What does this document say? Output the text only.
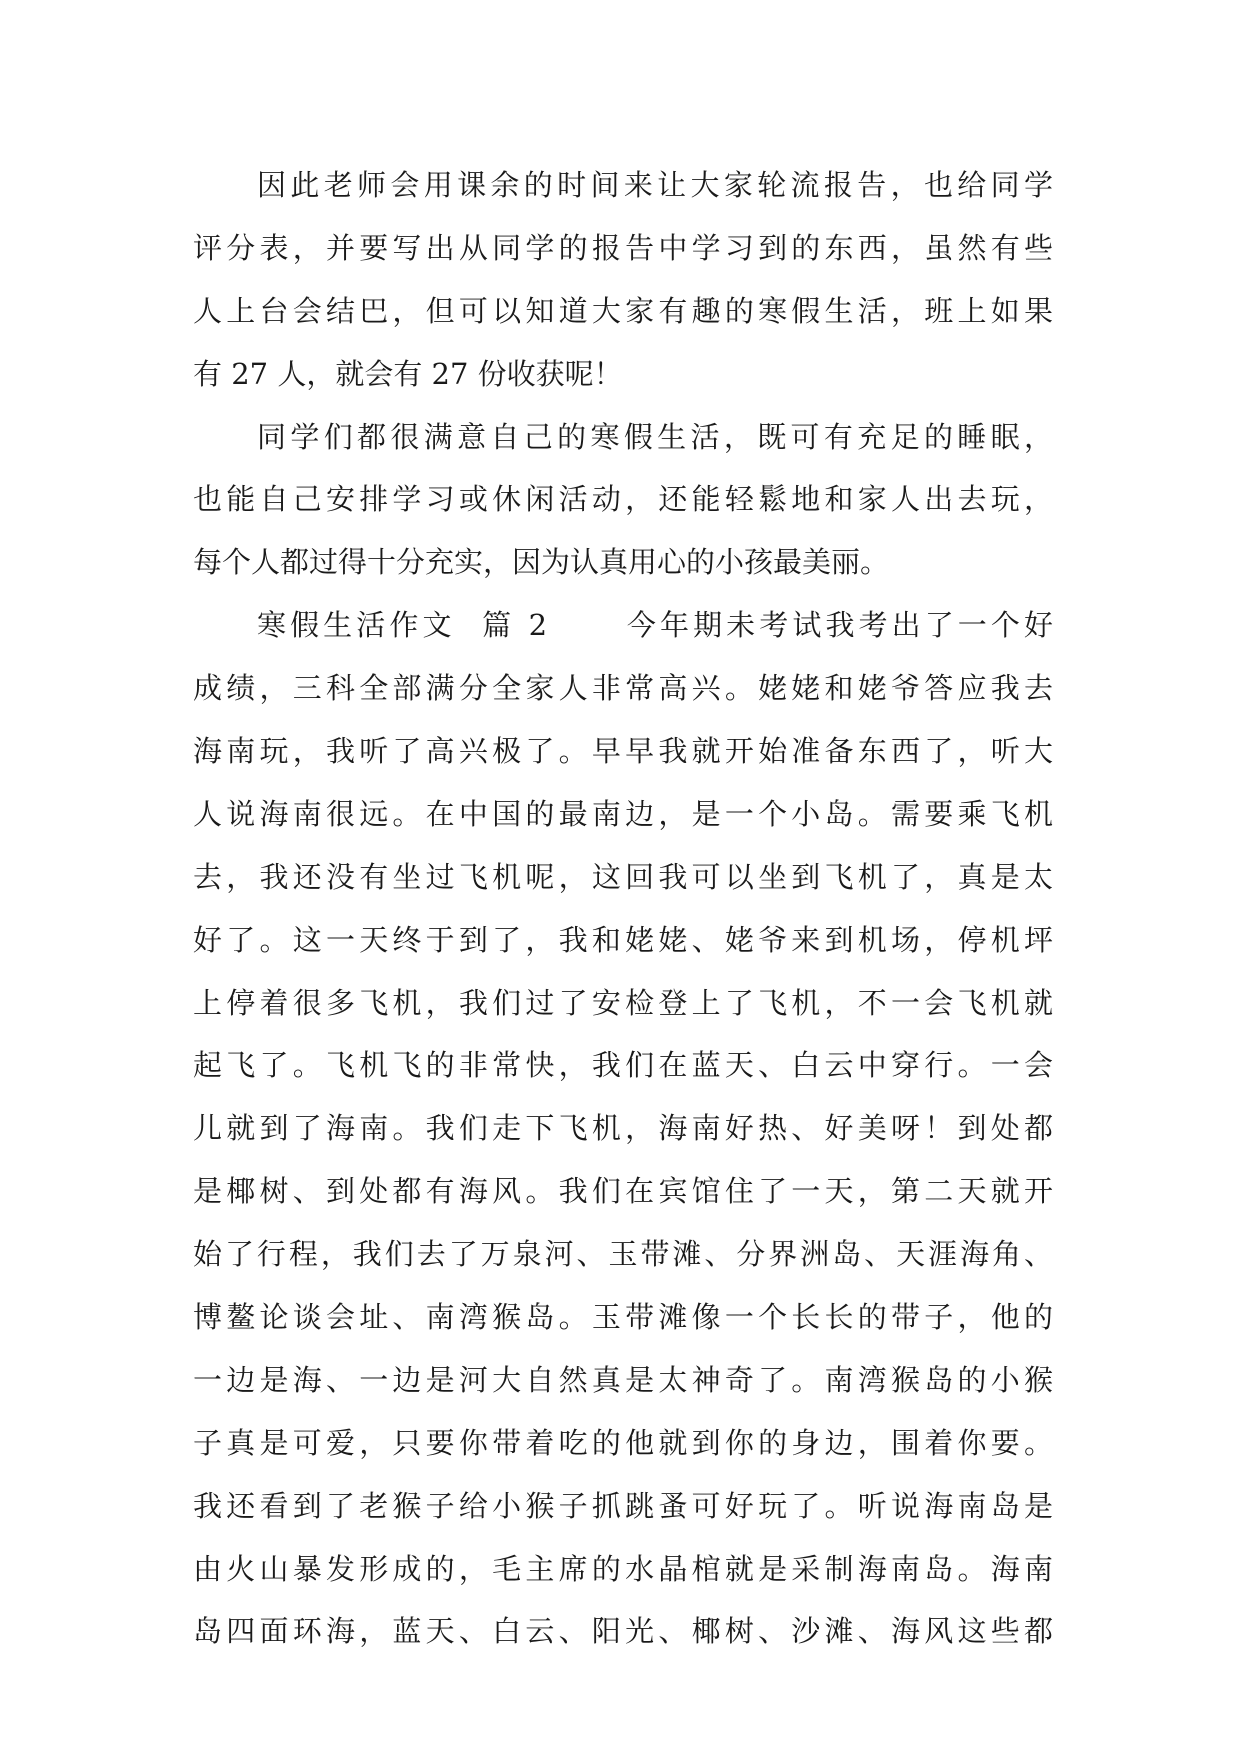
因此老师会用课余的时间来让大家轮流报告，也给同学
评分表，并要写出从同学的报告中学习到的东西，虽然有些
人上台会结巴，但可以知道大家有趣的寒假生活，班上如果
有 27 人，就会有 27 份收获呢！
同学们都很满意自己的寒假生活，既可有充足的睡眠，
也能自己安排学习或休闲活动，还能轻鬆地和家人出去玩，
每个人都过得十分充实，因为认真用心的小孩最美丽。
寒假生活作文  篇 2      今年期未考试我考出了一个好
成绩，三科全部满分全家人非常高兴。姥姥和姥爷答应我去
海南玩，我听了高兴极了。早早我就开始准备东西了，听大
人说海南很远。在中国的最南边，是一个小岛。需要乘飞机
去，我还没有坐过飞机呢，这回我可以坐到飞机了，真是太
好了。这一天终于到了，我和姥姥、姥爷来到机场，停机坪
上停着很多飞机，我们过了安检登上了飞机，不一会飞机就
起飞了。飞机飞的非常快，我们在蓝天、白云中穿行。一会
儿就到了海南。我们走下飞机，海南好热、好美呀！到处都
是椰树、到处都有海风。我们在宾馆住了一天，第二天就开
始了行程，我们去了万泉河、玉带滩、分界洲岛、天涯海角、
博鳌论谈会址、南湾猴岛。玉带滩像一个长长的带子，他的
一边是海、一边是河大自然真是太神奇了。南湾猴岛的小猴
子真是可爱，只要你带着吃的他就到你的身边，围着你要。
我还看到了老猴子给小猴子抓跳蚤可好玩了。听说海南岛是
由火山暴发形成的，毛主席的水晶棺就是采制海南岛。海南
岛四面环海，蓝天、白云、阳光、椰树、沙滩、海风这些都
